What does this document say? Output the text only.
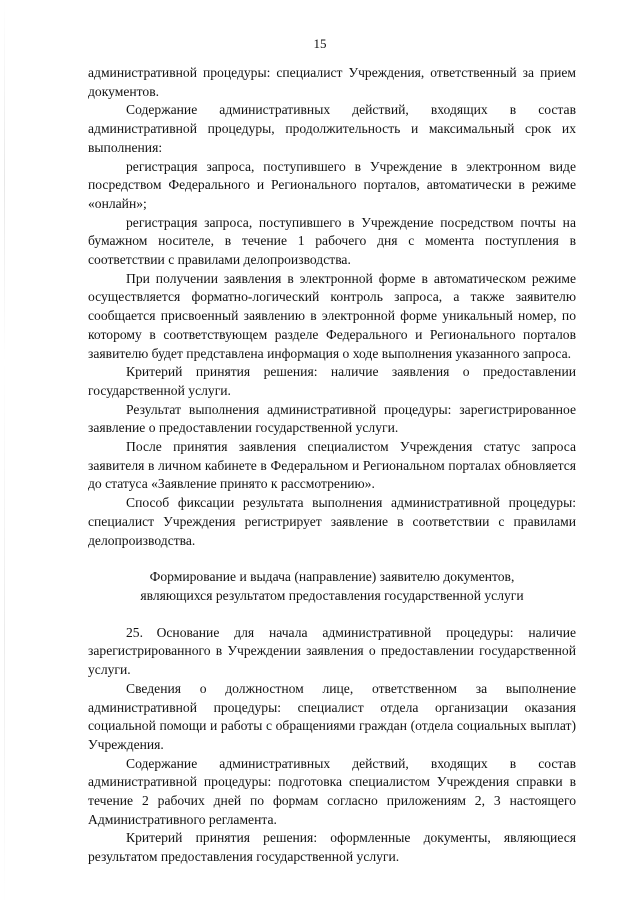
15

административной процедуры: специалист Учреждения, ответственный за прием документов.

Содержание административных действий, входящих в состав административной процедуры, продолжительность и максимальный срок их выполнения:

регистрация запроса, поступившего в Учреждение в электронном виде посредством Федерального и Регионального порталов, автоматически в режиме «онлайн»;

регистрация запроса, поступившего в Учреждение посредством почты на бумажном носителе, в течение 1 рабочего дня с момента поступления в соответствии с правилами делопроизводства.

При получении заявления в электронной форме в автоматическом режиме осуществляется форматно-логический контроль запроса, а также заявителю сообщается присвоенный заявлению в электронной форме уникальный номер, по которому в соответствующем разделе Федерального и Регионального порталов заявителю будет представлена информация о ходе выполнения указанного запроса.

Критерий принятия решения: наличие заявления о предоставлении государственной услуги.

Результат выполнения административной процедуры: зарегистрированное заявление о предоставлении государственной услуги.

После принятия заявления специалистом Учреждения статус запроса заявителя в личном кабинете в Федеральном и Региональном порталах обновляется до статуса «Заявление принято к рассмотрению».

Способ фиксации результата выполнения административной процедуры: специалист Учреждения регистрирует заявление в соответствии с правилами делопроизводства.

Формирование и выдача (направление) заявителю документов,
являющихся результатом предоставления государственной услуги

25. Основание для начала административной процедуры: наличие зарегистрированного в Учреждении заявления о предоставлении государственной услуги.

Сведения о должностном лице, ответственном за выполнение административной процедуры: специалист отдела организации оказания социальной помощи и работы с обращениями граждан (отдела социальных выплат) Учреждения.

Содержание административных действий, входящих в состав административной процедуры: подготовка специалистом Учреждения справки в течение 2 рабочих дней по формам согласно приложениям 2, 3 настоящего Административного регламента.

Критерий принятия решения: оформленные документы, являющиеся результатом предоставления государственной услуги.
